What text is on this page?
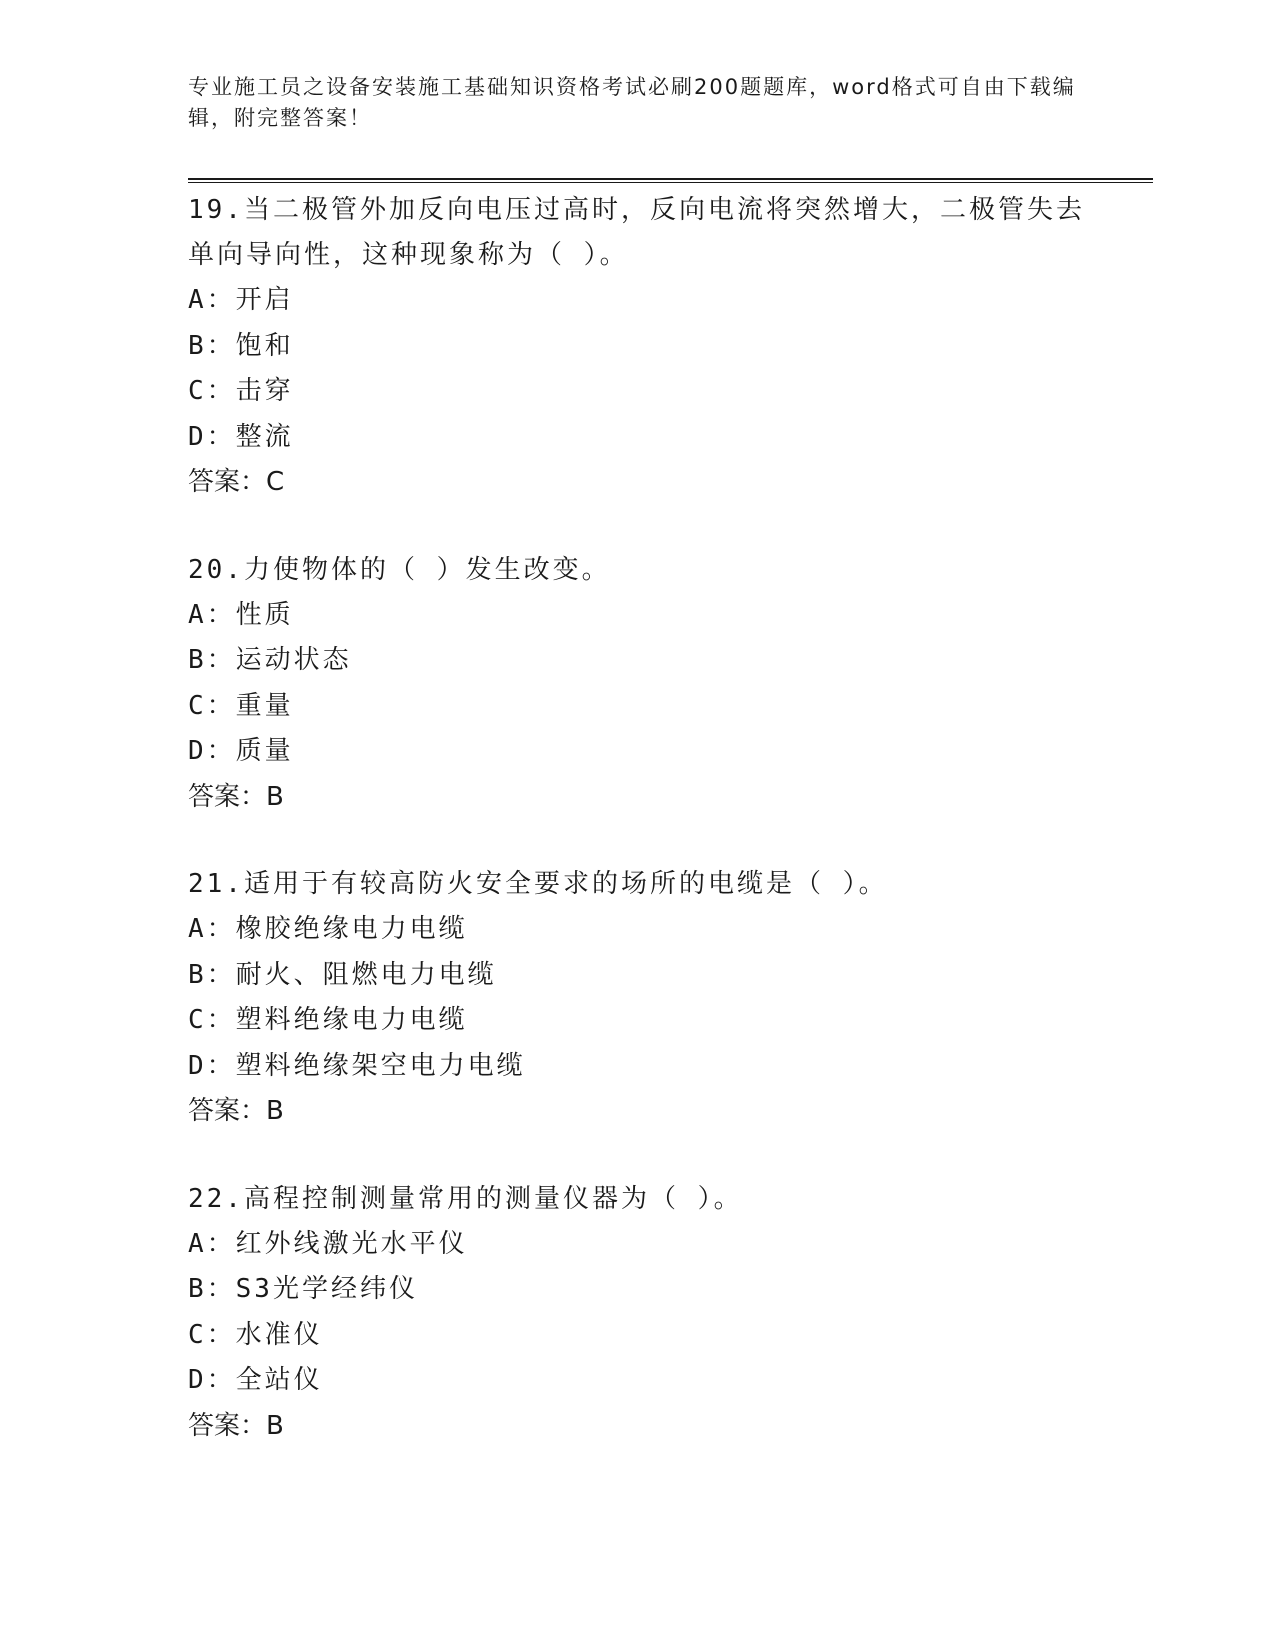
专业施工员之设备安装施工基础知识资格考试必刷200题题库，word格式可自由下载编辑，附完整答案！
19.当二极管外加反向电压过高时，反向电流将突然增大，二极管失去单向导向性，这种现象称为（ ）。
A：开启
B：饱和
C：击穿
D：整流
答案：C
20.力使物体的（ ）发生改变。
A：性质
B：运动状态
C：重量
D：质量
答案：B
21.适用于有较高防火安全要求的场所的电缆是（ ）。
A：橡胶绝缘电力电缆
B：耐火、阻燃电力电缆
C：塑料绝缘电力电缆
D：塑料绝缘架空电力电缆
答案：B
22.高程控制测量常用的测量仪器为（ ）。
A：红外线激光水平仪
B：S3光学经纬仪
C：水准仪
D：全站仪
答案：B
